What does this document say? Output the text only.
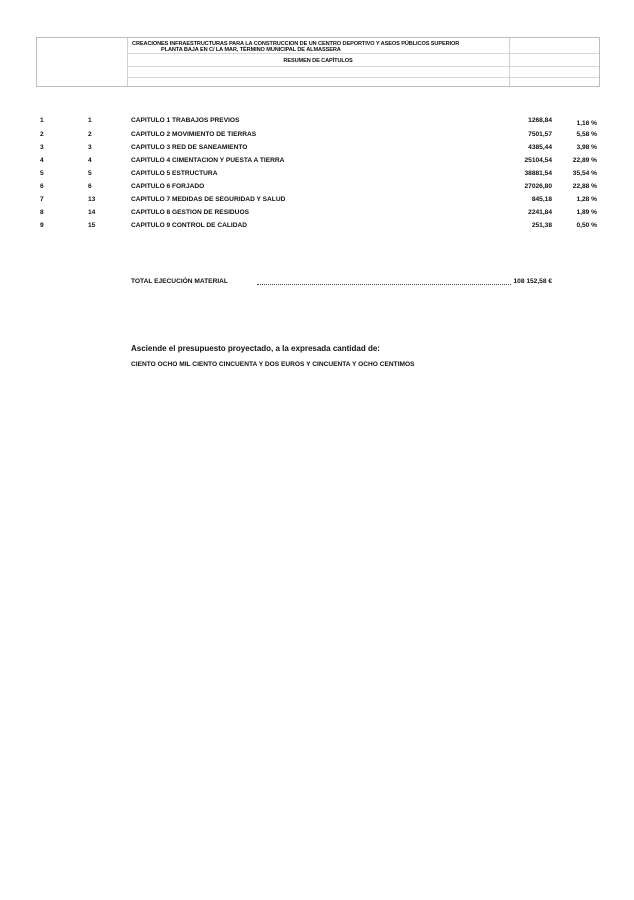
CREACIONES INFRAESTRUCTURAS PARA LA CONSTRUCCION DE UN CENTRO DEPORTIVO Y ASEOS PÚBLICOS SUPERIOR
PLANTA BAJA EN C/ LA MAR, TÉRMINO MUNICIPAL DE ALMASSERA
RESUMEN DE CAPÍTULOS
1	1	CAPITULO 1 TRABAJOS PREVIOS	1268,84	1,16 %
2	2	CAPITULO 2 MOVIMIENTO DE TIERRAS	7501,57	5,58 %
3	3	CAPITULO 3 RED DE SANEAMIENTO	4385,44	3,98 %
4	4	CAPITULO 4 CIMENTACION Y PUESTA A TIERRA	25104,54	22,89 %
5	5	CAPITULO 5 ESTRUCTURA	38881,54	35,54 %
6	6	CAPITULO 6 FORJADO	27026,80	22,88 %
7	13	CAPITULO 7 MEDIDAS DE SEGURIDAD Y SALUD	845,18	1,28 %
8	14	CAPITULO 8 GESTION DE RESIDUOS	2241,84	1,89 %
9	15	CAPITULO 9 CONTROL DE CALIDAD	251,38	0,50 %
TOTAL EJECUCIÓN MATERIAL	108 152,58 €
Asciende el presupuesto proyectado, a la expresada cantidad de:
CIENTO OCHO MIL CIENTO CINCUENTA Y DOS EUROS Y CINCUENTA Y OCHO CENTIMOS
